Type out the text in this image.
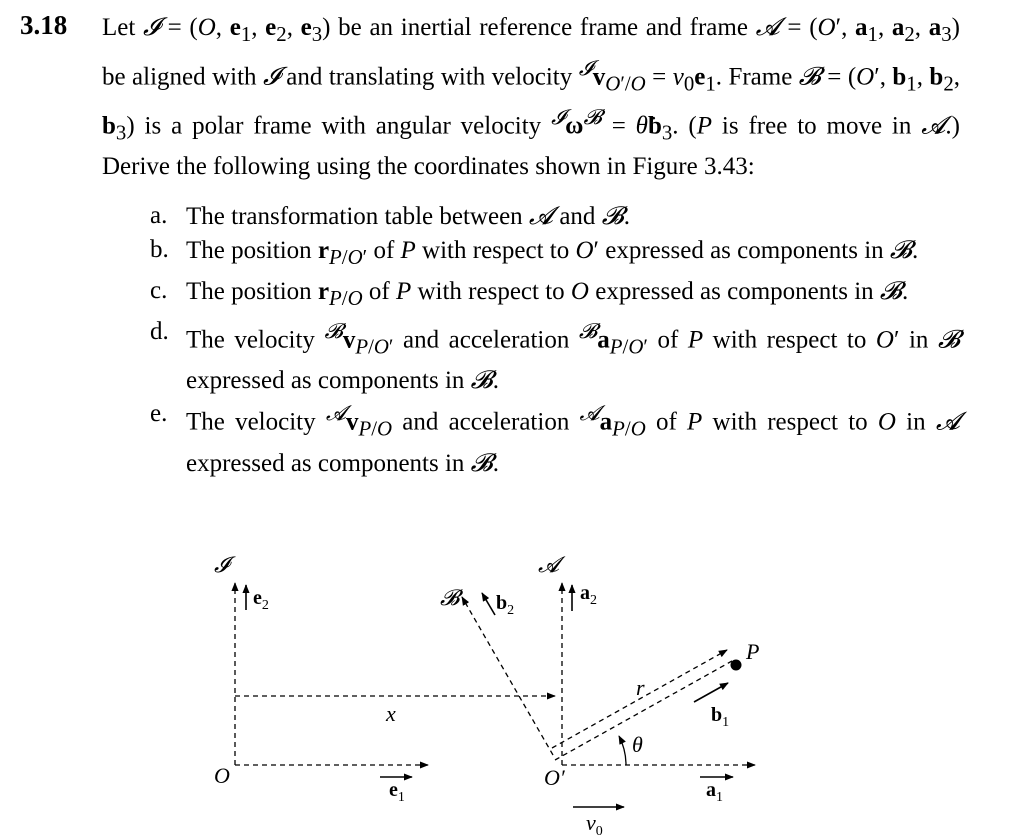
3.18 Let 𝓘 = (O, $e_1$, $e_2$, $e_3$) be an inertial reference frame and frame 𝓐 = (O′, $a_1$, $a_2$, $a_3$) be aligned with 𝓘 and translating with velocity $^𝓘v_{O'/O} = v_0e_1$. Frame 𝓑 = (O′, $b_1$, $b_2$, $b_3$) is a polar frame with angular velocity $^𝓘\omega^𝓑$ = $\thetȧb_3$. (P is free to move in 𝓐.) Derive the following using the coordinates shown in Figure 3.43:

a. The transformation table between 𝓐 and 𝓑.
b. The position $r_{P/O'}$ of P with respect to O′ expressed as components in 𝓑.
c. The position $r_{P/O}$ of P with respect to O expressed as components in 𝓑.
d. The velocity $^𝓑v_{P/O'}$ and acceleration $^𝓑a_{P/O'}$ of P with respect to O′ in 𝓑 expressed as components in 𝓑.
e. The velocity $^𝓐v_{P/O}$ and acceleration $^𝓐a_{P/O}$ of P with respect to O in 𝓐 expressed as components in 𝓑.
𝓘
$e_2$
O
$e_1$
x
𝓑 $b_2$
𝓐
$a_2$
O′
$v_0$
$a_1$
r
θ
$b_1$
P
